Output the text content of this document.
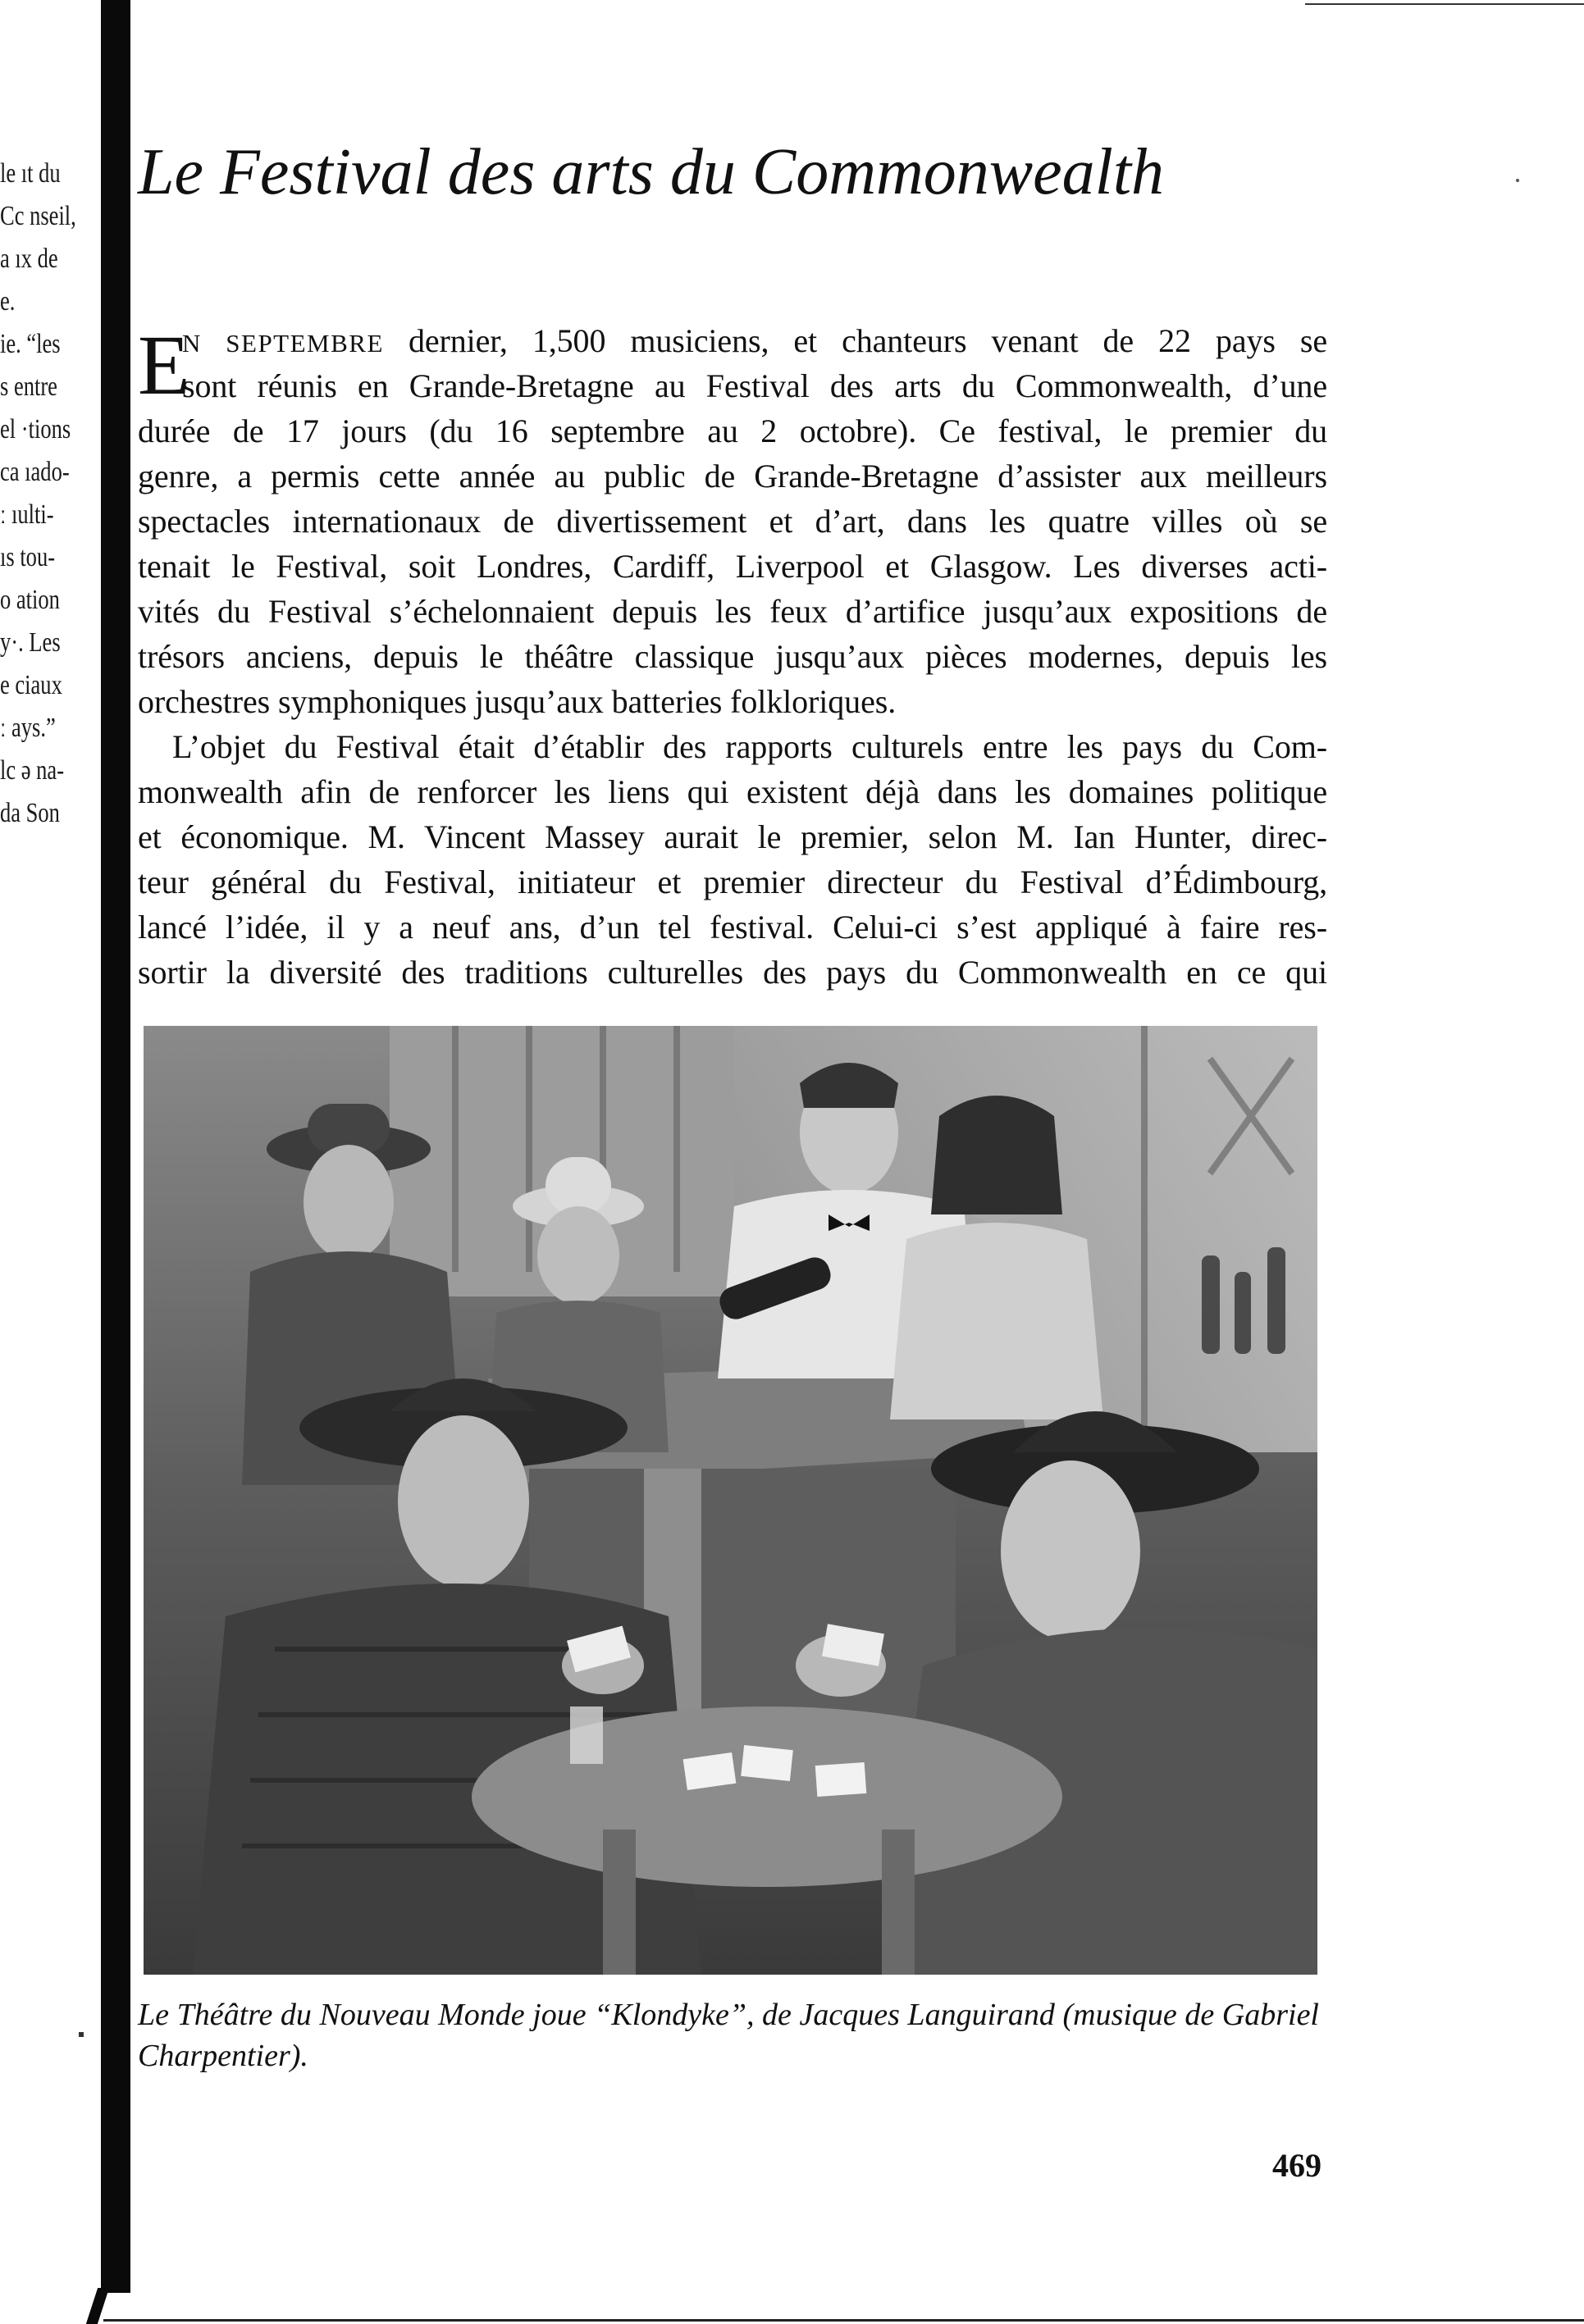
le ıt du
Cc nseil,
a ıx de
e.
ie. “les
s entre
el ·tions
ca ıado-
ː ıulti-
ıs tou-
o ation
y·. Les
e ciaux
ː ays.”
lc ə na-
da Son
Le Festival des arts du Commonwealth
E
N SEPTEMBRE dernier, 1,500 musiciens, et chanteurs venant de 22 pays se
sont réunis en Grande-Bretagne au Festival des arts du Commonwealth, d’une
durée de 17 jours (du 16 septembre au 2 octobre). Ce festival, le premier du
genre, a permis cette année au public de Grande-Bretagne d’assister aux meilleurs
spectacles internationaux de divertissement et d’art, dans les quatre villes où se
tenait le Festival, soit Londres, Cardiff, Liverpool et Glasgow. Les diverses acti-
vités du Festival s’échelonnaient depuis les feux d’artifice jusqu’aux expositions de
trésors anciens, depuis le théâtre classique jusqu’aux pièces modernes, depuis les
orchestres symphoniques jusqu’aux batteries folkloriques.
L’objet du Festival était d’établir des rapports culturels entre les pays du Com-
monwealth afin de renforcer les liens qui existent déjà dans les domaines politique
et économique. M. Vincent Massey aurait le premier, selon M. Ian Hunter, direc-
teur général du Festival, initiateur et premier directeur du Festival d’Édimbourg,
lancé l’idée, il y a neuf ans, d’un tel festival. Celui-ci s’est appliqué à faire res-
sortir la diversité des traditions culturelles des pays du Commonwealth en ce qui
Le Théâtre du Nouveau Monde joue “Klondyke”, de Jacques Languirand (musique de Gabriel
Charpentier).
469
